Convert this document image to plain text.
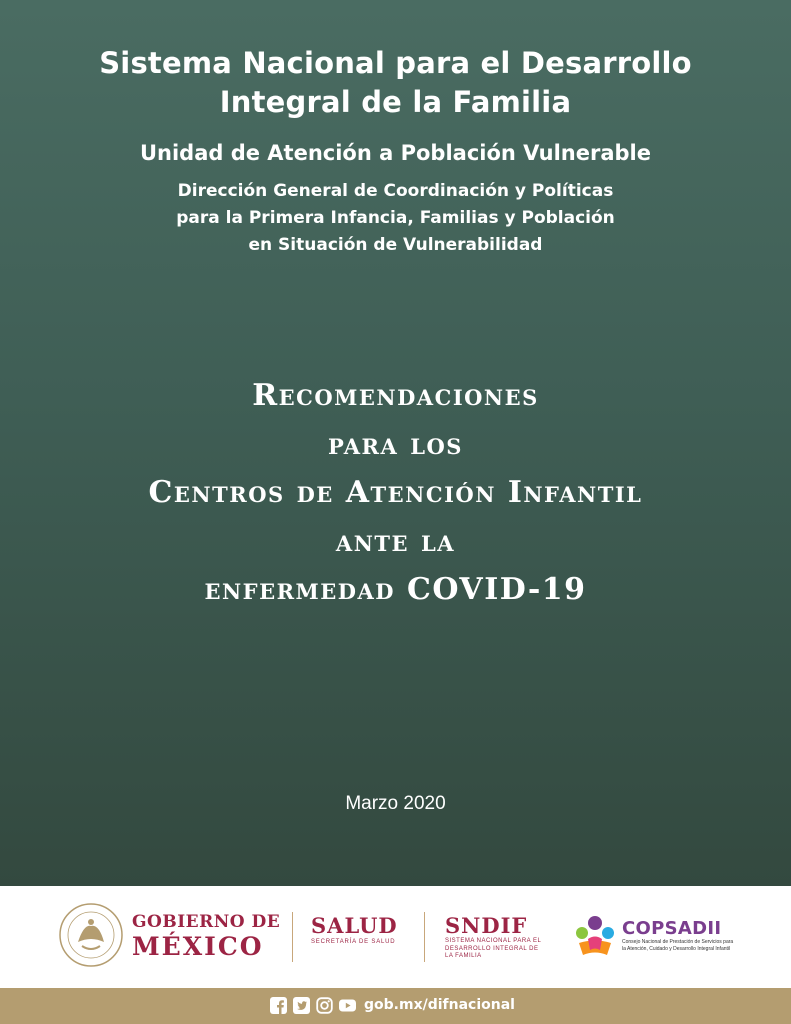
Sistema Nacional para el Desarrollo
Integral de la Familia
Unidad de Atención a Población Vulnerable
Dirección General de Coordinación y Políticas
para la Primera Infancia, Familias y Población
en Situación de Vulnerabilidad
Recomendaciones
para los
Centros de Atención Infantil
ante la
enfermedad COVID-19
Marzo 2020
GOBIERNO DE
MÉXICO
SALUD
SECRETARÍA DE SALUD
SNDIF
SISTEMA NACIONAL PARA EL DESARROLLO INTEGRAL DE LA FAMILIA
COPSADII
Consejo Nacional de Prestación de Servicios para la Atención, Cuidado y Desarrollo Integral Infantil
gob.mx/difnacional
